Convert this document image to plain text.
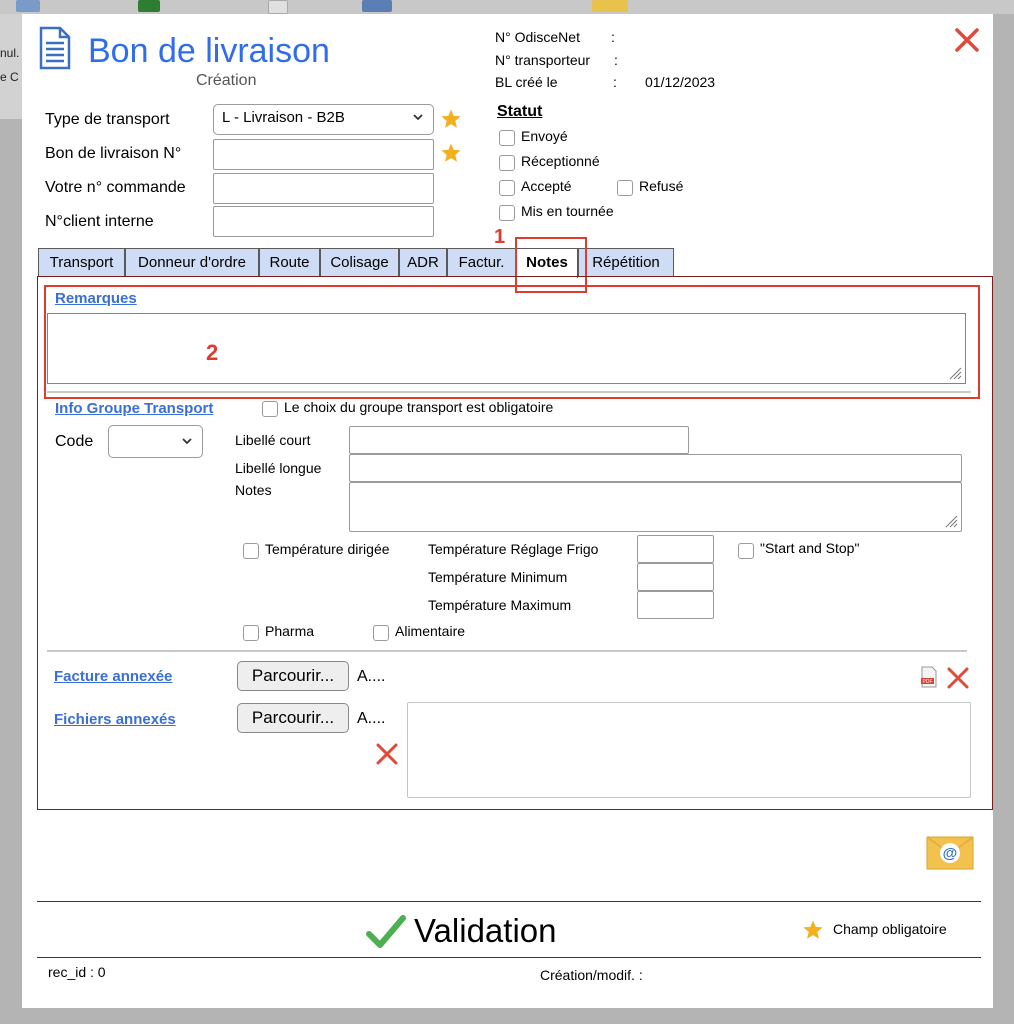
nul.
e C
Bon de livraison
Création
N° OdisceNet :
N° transporteur :
BL créé le	: 01/12/2023
Type de transport	L - Livraison - B2B
Bon de livraison N°
Votre n° commande
N°client interne
Statut
Envoyé
Réceptionné
Accepté	Refusé
Mis en tournée
1
Transport	Donneur d'ordre	Route	Colisage	ADR	Factur.	Notes	Répétition
Remarques
2
Info Groupe Transport	Le choix du groupe transport est obligatoire
Code	Libellé court
Libellé longue
Notes
Température dirigée	Température Réglage Frigo	"Start and Stop"
Température Minimum
Température Maximum
Pharma	Alimentaire
Facture annexée	Parcourir...	A....	PDF
Fichiers annexés	Parcourir...	A....
@
Validation	Champ obligatoire
rec_id : 0	Création/modif. :
